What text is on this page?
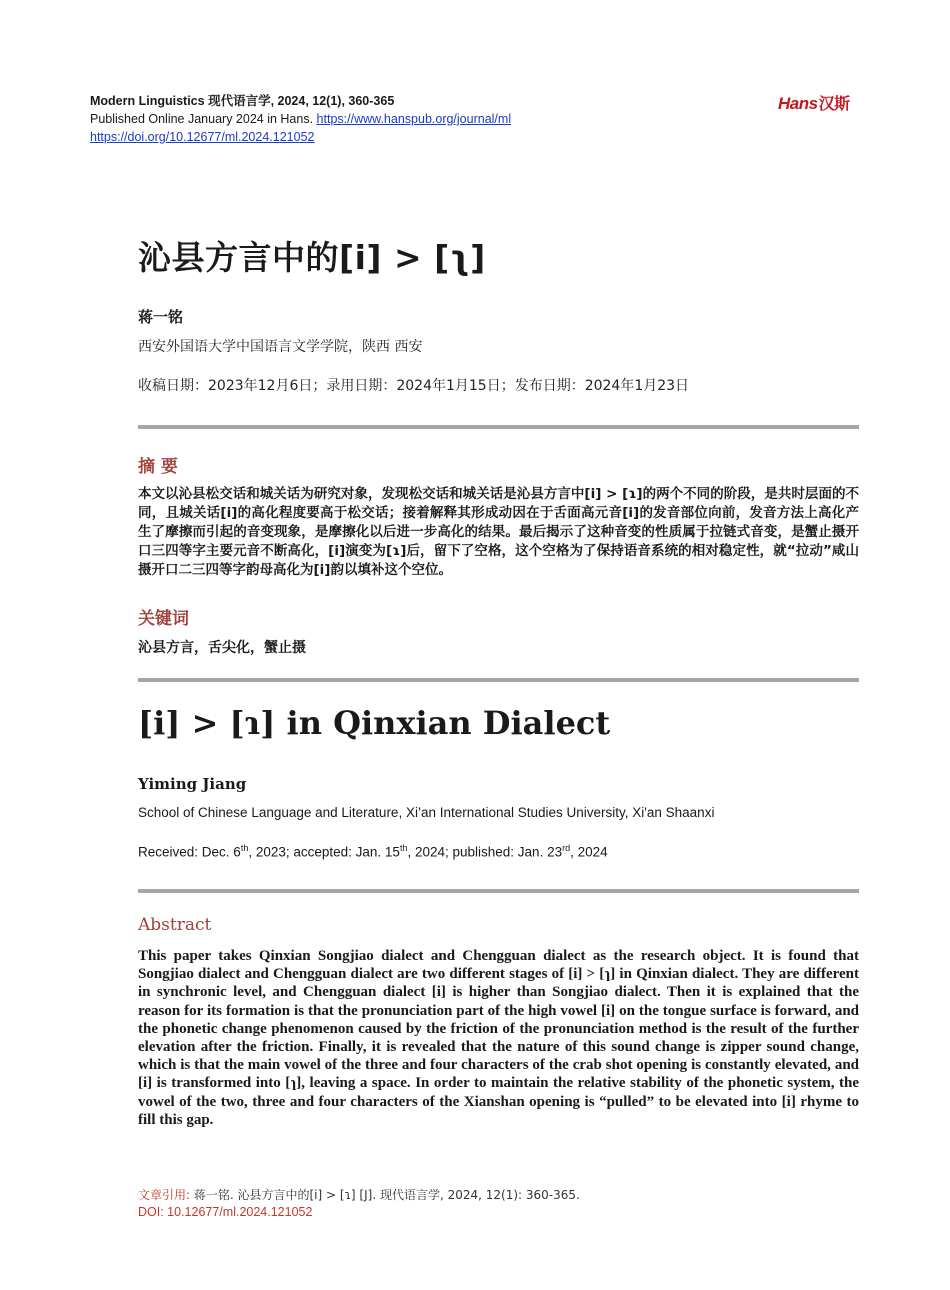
Modern Linguistics 现代语言学, 2024, 12(1), 360-365
Published Online January 2024 in Hans. https://www.hanspub.org/journal/ml
https://doi.org/10.12677/ml.2024.121052
Hans汉斯
沁县方言中的[i] > [ʅ]
蒋一铭
西安外国语大学中国语言文学学院，陕西 西安
收稿日期：2023年12月6日；录用日期：2024年1月15日；发布日期：2024年1月23日
摘 要
本文以沁县松交话和城关话为研究对象，发现松交话和城关话是沁县方言中[i] > [ɿ]的两个不同的阶段，是共时层面的不同，且城关话[i]的高化程度要高于松交话；接着解释其形成动因在于舌面高元音[i]的发音部位向前，发音方法上高化产生了摩擦而引起的音变现象，是摩擦化以后进一步高化的结果。最后揭示了这种音变的性质属于拉链式音变，是蟹止摄开口三四等字主要元音不断高化，[i]演变为[ɿ]后，留下了空格，这个空格为了保持语音系统的相对稳定性，就“拉动”咸山摄开口二三四等字韵母高化为[i]韵以填补这个空位。
关键词
沁县方言，舌尖化，蟹止摄
[i] > [ɿ] in Qinxian Dialect
Yiming Jiang
School of Chinese Language and Literature, Xi’an International Studies University, Xi'an Shaanxi
Received: Dec. 6th, 2023; accepted: Jan. 15th, 2024; published: Jan. 23rd, 2024
Abstract
This paper takes Qinxian Songjiao dialect and Chengguan dialect as the research object. It is found that Songjiao dialect and Chengguan dialect are two different stages of [i] > [ɿ] in Qinxian dialect. They are different in synchronic level, and Chengguan dialect [i] is higher than Songjiao dialect. Then it is explained that the reason for its formation is that the pronunciation part of the high vowel [i] on the tongue surface is forward, and the phonetic change phenomenon caused by the friction of the pronunciation method is the result of the further elevation after the friction. Finally, it is revealed that the nature of this sound change is zipper sound change, which is that the main vowel of the three and four characters of the crab shot opening is constantly elevated, and [i] is transformed into [ɿ], leaving a space. In order to maintain the relative stability of the phonetic system, the vowel of the two, three and four characters of the Xianshan opening is “pulled” to be elevated into [i] rhyme to fill this gap.
文章引用: 蒋一铭. 沁县方言中的[i] > [ɿ] [J]. 现代语言学, 2024, 12(1): 360-365.
DOI: 10.12677/ml.2024.121052
